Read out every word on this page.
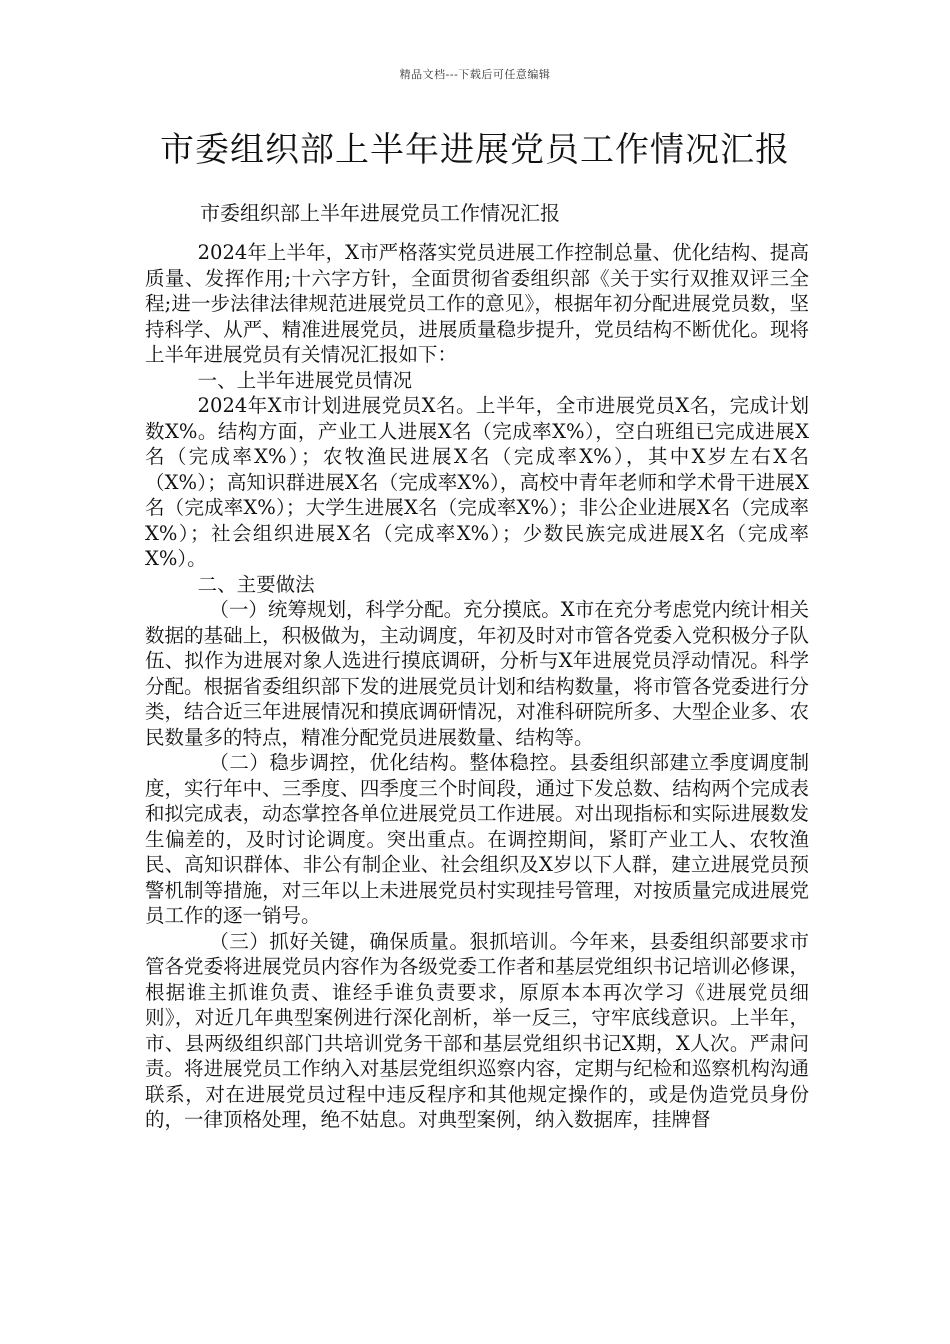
精品文档---下载后可任意编辑
市委组织部上半年进展党员工作情况汇报
市委组织部上半年进展党员工作情况汇报

2024年上半年，X市严格落实党员进展工作控制总量、优化结构、提高质量、发挥作用;十六字方针，全面贯彻省委组织部《关于实行双推双评三全程;进一步法律法律规范进展党员工作的意见》，根据年初分配进展党员数，坚持科学、从严、精准进展党员，进展质量稳步提升，党员结构不断优化。现将上半年进展党员有关情况汇报如下：

一、上半年进展党员情况

2024年X市计划进展党员X名。上半年，全市进展党员X名，完成计划数X%。结构方面，产业工人进展X名（完成率X%），空白班组已完成进展X名（完成率X%）；农牧渔民进展X名（完成率X%），其中X岁左右X名（X%）；高知识群进展X名（完成率X%），高校中青年老师和学术骨干进展X名（完成率X%）；大学生进展X名（完成率X%）；非公企业进展X名（完成率X%）；社会组织进展X名（完成率X%）；少数民族完成进展X名（完成率X%）。

二、主要做法

（一）统筹规划，科学分配。充分摸底。X市在充分考虑党内统计相关数据的基础上，积极做为，主动调度，年初及时对市管各党委入党积极分子队伍、拟作为进展对象人选进行摸底调研，分析与X年进展党员浮动情况。科学分配。根据省委组织部下发的进展党员计划和结构数量，将市管各党委进行分类，结合近三年进展情况和摸底调研情况，对准科研院所多、大型企业多、农民数量多的特点，精准分配党员进展数量、结构等。

（二）稳步调控，优化结构。整体稳控。县委组织部建立季度调度制度，实行年中、三季度、四季度三个时间段，通过下发总数、结构两个完成表和拟完成表，动态掌控各单位进展党员工作进展。对出现指标和实际进展数发生偏差的，及时讨论调度。突出重点。在调控期间，紧盯产业工人、农牧渔民、高知识群体、非公有制企业、社会组织及X岁以下人群，建立进展党员预警机制等措施，对三年以上未进展党员村实现挂号管理，对按质量完成进展党员工作的逐一销号。

（三）抓好关键，确保质量。狠抓培训。今年来，县委组织部要求市管各党委将进展党员内容作为各级党委工作者和基层党组织书记培训必修课，根据谁主抓谁负责、谁经手谁负责要求，原原本本再次学习《进展党员细则》，对近几年典型案例进行深化剖析，举一反三，守牢底线意识。上半年，市、县两级组织部门共培训党务干部和基层党组织书记X期，X人次。严肃问责。将进展党员工作纳入对基层党组织巡察内容，定期与纪检和巡察机构沟通联系，对在进展党员过程中违反程序和其他规定操作的，或是伪造党员身份的，一律顶格处理，绝不姑息。对典型案例，纳入数据库，挂牌督
